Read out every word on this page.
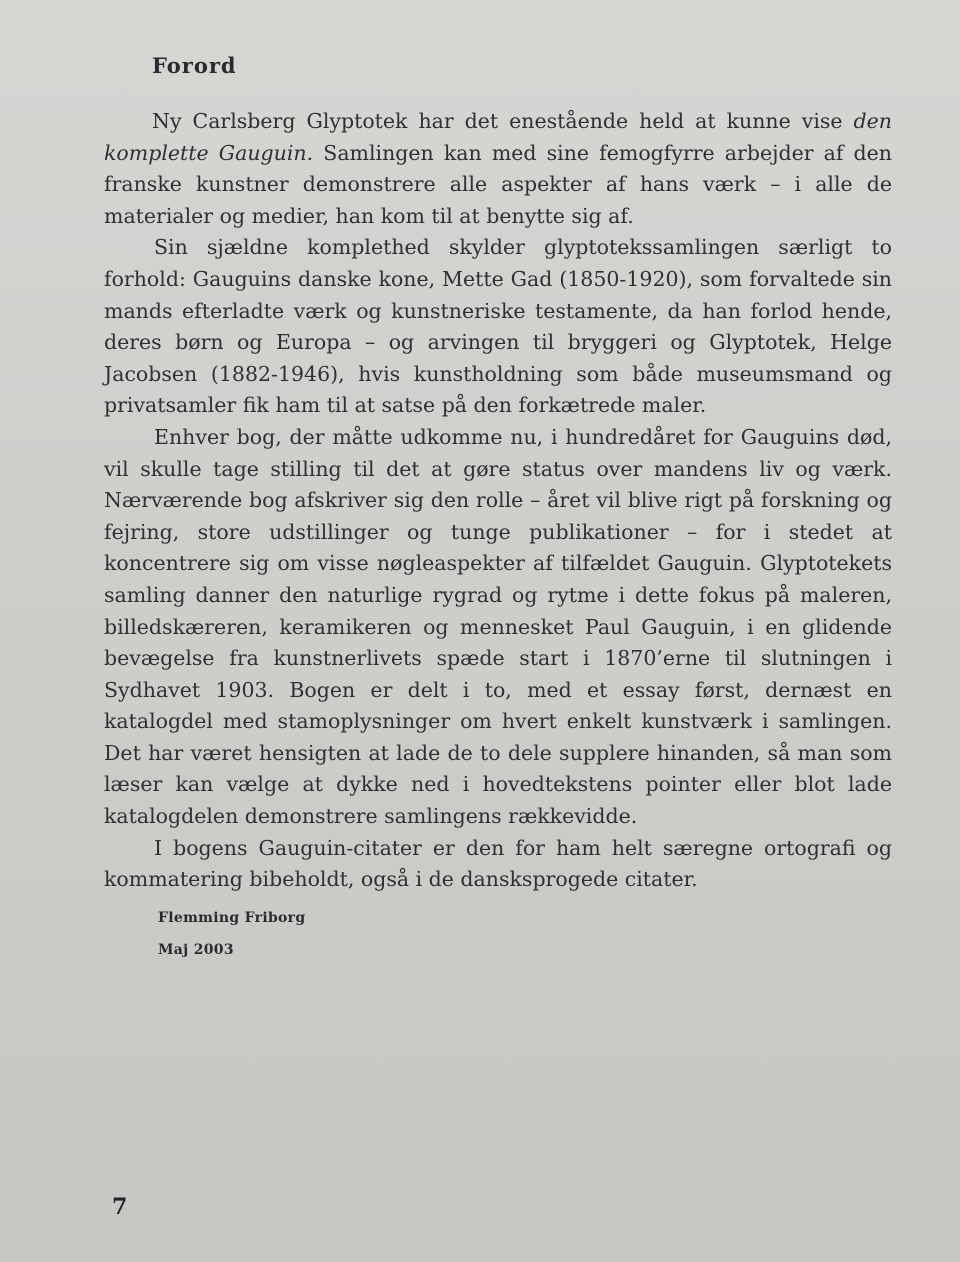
Forord

Ny Carlsberg Glyptotek har det enestående held at kunne vise den komplette Gauguin. Samlingen kan med sine femogfyrre arbejder af den franske kunstner demonstrere alle aspekter af hans værk – i alle de materialer og medier, han kom til at benytte sig af.

Sin sjældne komplethed skylder glyptotekssamlingen særligt to forhold: Gauguins danske kone, Mette Gad (1850-1920), som forvaltede sin mands efterladte værk og kunstneriske testamente, da han forlod hende, deres børn og Europa – og arvingen til bryggeri og Glyptotek, Helge Jacobsen (1882-1946), hvis kunstholdning som både museumsmand og privatsamler fik ham til at satse på den forkætrede maler.

Enhver bog, der måtte udkomme nu, i hundredåret for Gauguins død, vil skulle tage stilling til det at gøre status over mandens liv og værk. Nærværende bog afskriver sig den rolle – året vil blive rigt på forskning og fejring, store udstillinger og tunge publikationer – for i stedet at koncentrere sig om visse nøgleaspekter af tilfældet Gauguin. Glyptotekets samling danner den naturlige rygrad og rytme i dette fokus på maleren, billedskæreren, keramikeren og mennesket Paul Gauguin, i en glidende bevægelse fra kunstnerlivets spæde start i 1870’erne til slutningen i Sydhavet 1903. Bogen er delt i to, med et essay først, dernæst en katalogdel med stamoplysninger om hvert enkelt kunstværk i samlingen. Det har været hensigten at lade de to dele supplere hinanden, så man som læser kan vælge at dykke ned i hovedtekstens pointer eller blot lade katalogdelen demonstrere samlingens rækkevidde.

I bogens Gauguin-citater er den for ham helt særegne ortografi og kommatering bibeholdt, også i de dansksprogede citater.

Flemming Friborg
Maj 2003
7
